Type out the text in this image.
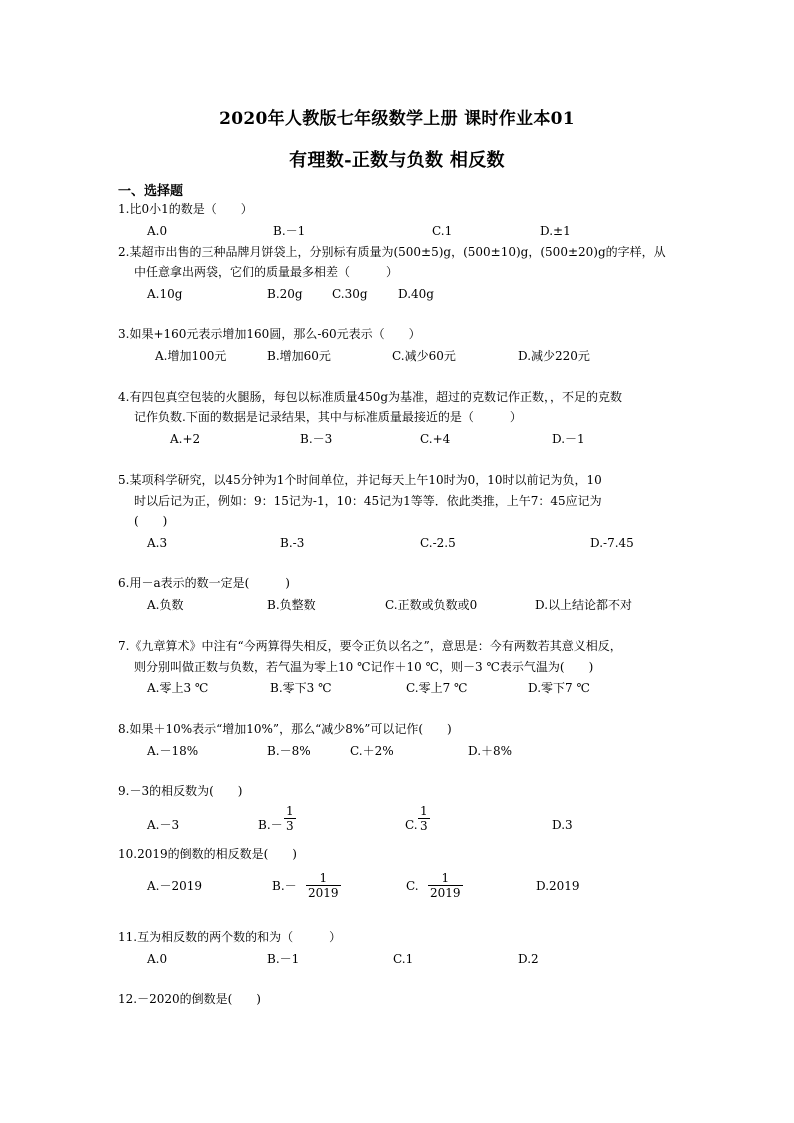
2020年人教版七年级数学上册 课时作业本01
有理数-正数与负数 相反数
一、选择题
1.比0小1的数是（　　）
A.0	B.－1	C.1	D.±1
2.某超市出售的三种品牌月饼袋上，分别标有质量为(500±5)g，(500±10)g，(500±20)g的字样，从
中任意拿出两袋，它们的质量最多相差（　　　）
A.10g	B.20g C.30g	D.40g
3.如果+160元表示增加160圆，那么-60元表示（　　）
A.增加100元	B.增加60元	C.减少60元	D.减少220元
4.有四包真空包装的火腿肠，每包以标准质量450g为基准，超过的克数记作正数，，不足的克数
记作负数.下面的数据是记录结果，其中与标准质量最接近的是（　　　）
A.+2	B.－3	C.+4	D.－1
5.某项科学研究，以45分钟为1个时间单位，并记每天上午10时为0，10时以前记为负，10
时以后记为正，例如：9：15记为-1，10：45记为1等等．依此类推，上午7：45应记为
(　　)
A.3	B.-3	C.-2.5	D.-7.45
6.用－a表示的数一定是(　　　)
A.负数	B.负整数	C.正数或负数或0	D.以上结论都不对
7.《九章算术》中注有“今两算得失相反，要令正负以名之”，意思是：今有两数若其意义相反，
则分别叫做正数与负数，若气温为零上10 ℃记作＋10 ℃，则－3 ℃表示气温为(　　)
A.零上3 ℃	B.零下3 ℃	C.零上7 ℃	D.零下7 ℃
8.如果＋10%表示“增加10%”，那么“减少8%”可以记作(　　)
A.－18%	B.－8%	C.＋2%	D.＋8%
9.－3的相反数为(　　)
A.－3	$B.- \frac{1}{3}$	C. $\frac{1}{3}$	D.3
10.2019的倒数的相反数是(　　)
A.－2019	$B.- \frac{1}{2019}$	C. $\frac{1}{2019}$	D.2019
11.互为相反数的两个数的和为（　　　）
A.0	B.－1	C.1	D.2
12.－2020的倒数是(　　)
